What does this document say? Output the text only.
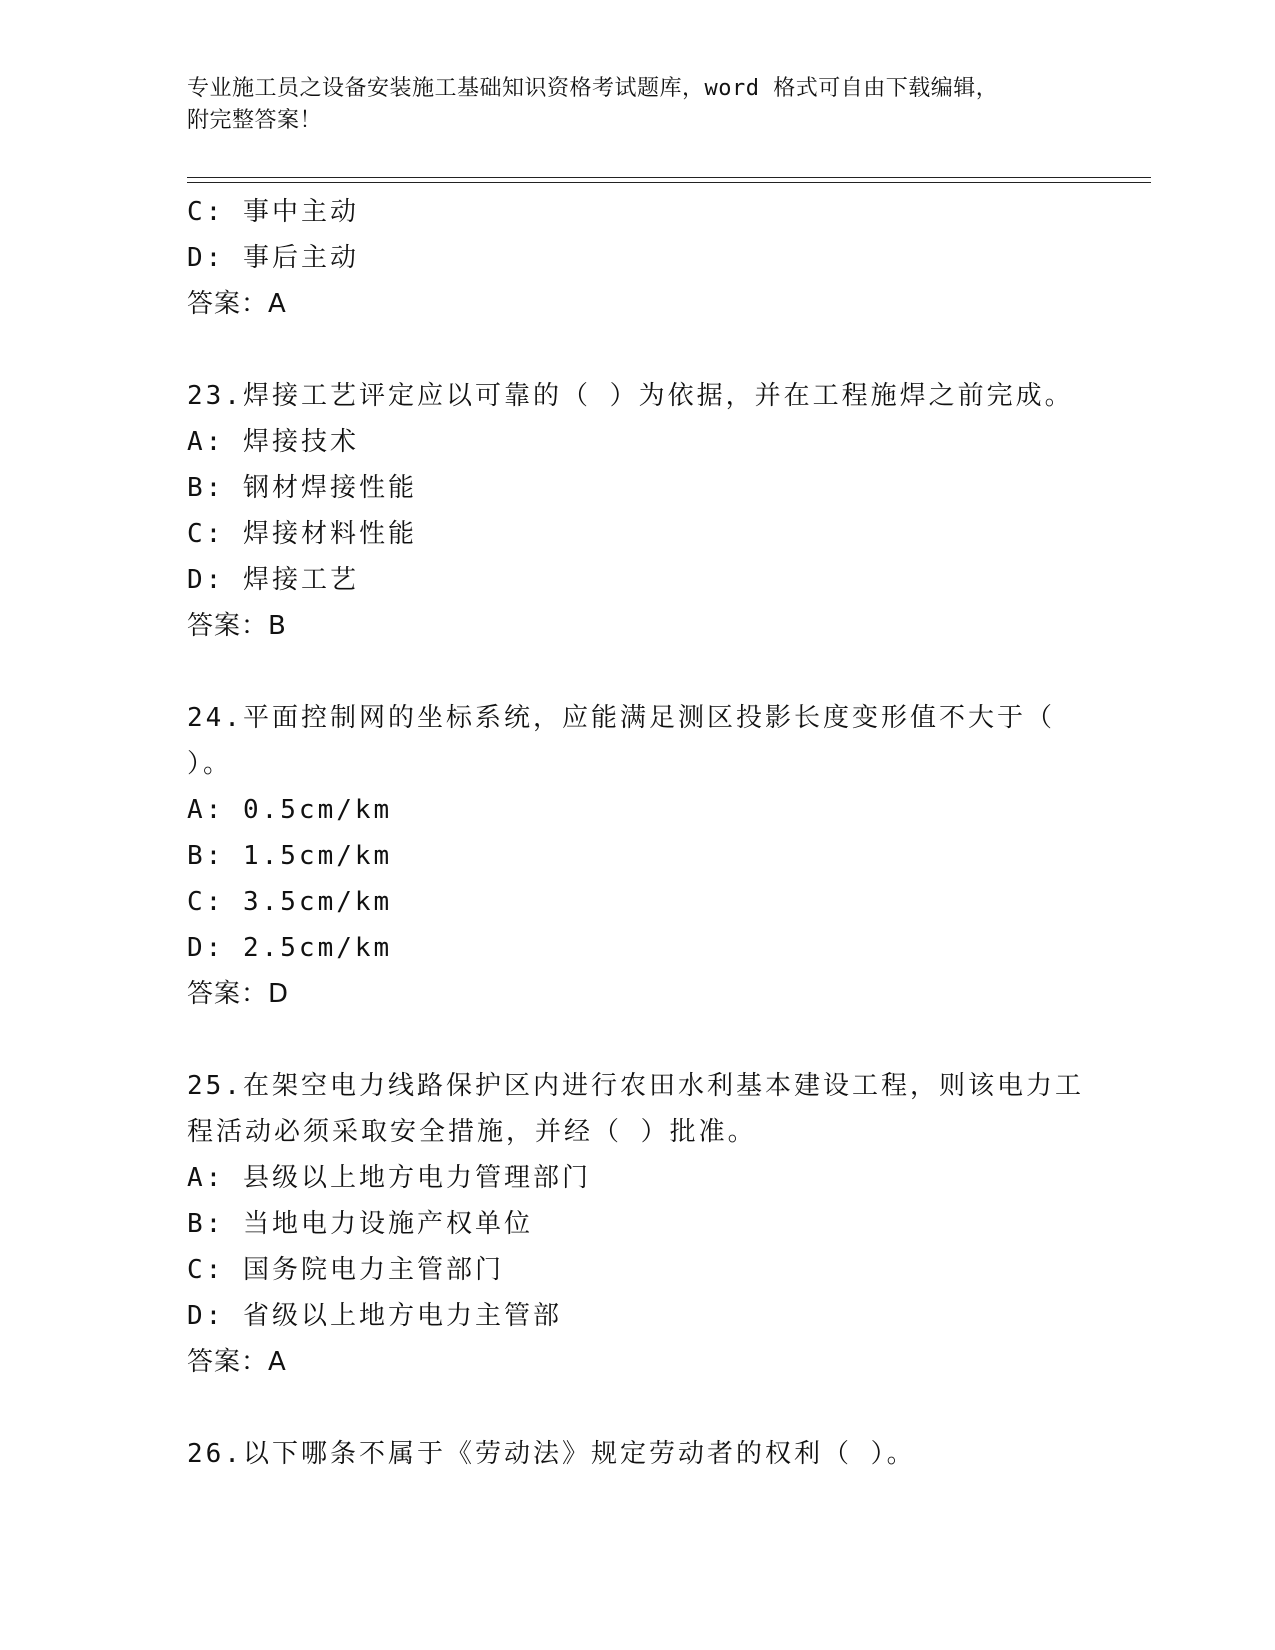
专业施工员之设备安装施工基础知识资格考试题库，word 格式可自由下载编辑，
附完整答案！
C: 事中主动
D: 事后主动
答案：A
23.焊接工艺评定应以可靠的（ ）为依据，并在工程施焊之前完成。
A: 焊接技术
B: 钢材焊接性能
C: 焊接材料性能
D: 焊接工艺
答案：B
24.平面控制网的坐标系统，应能满足测区投影长度变形值不大于（
）。
A: 0.5cm/km
B: 1.5cm/km
C: 3.5cm/km
D: 2.5cm/km
答案：D
25.在架空电力线路保护区内进行农田水利基本建设工程，则该电力工
程活动必须采取安全措施，并经（ ）批准。
A: 县级以上地方电力管理部门
B: 当地电力设施产权单位
C: 国务院电力主管部门
D: 省级以上地方电力主管部
答案：A
26.以下哪条不属于《劳动法》规定劳动者的权利（ ）。
